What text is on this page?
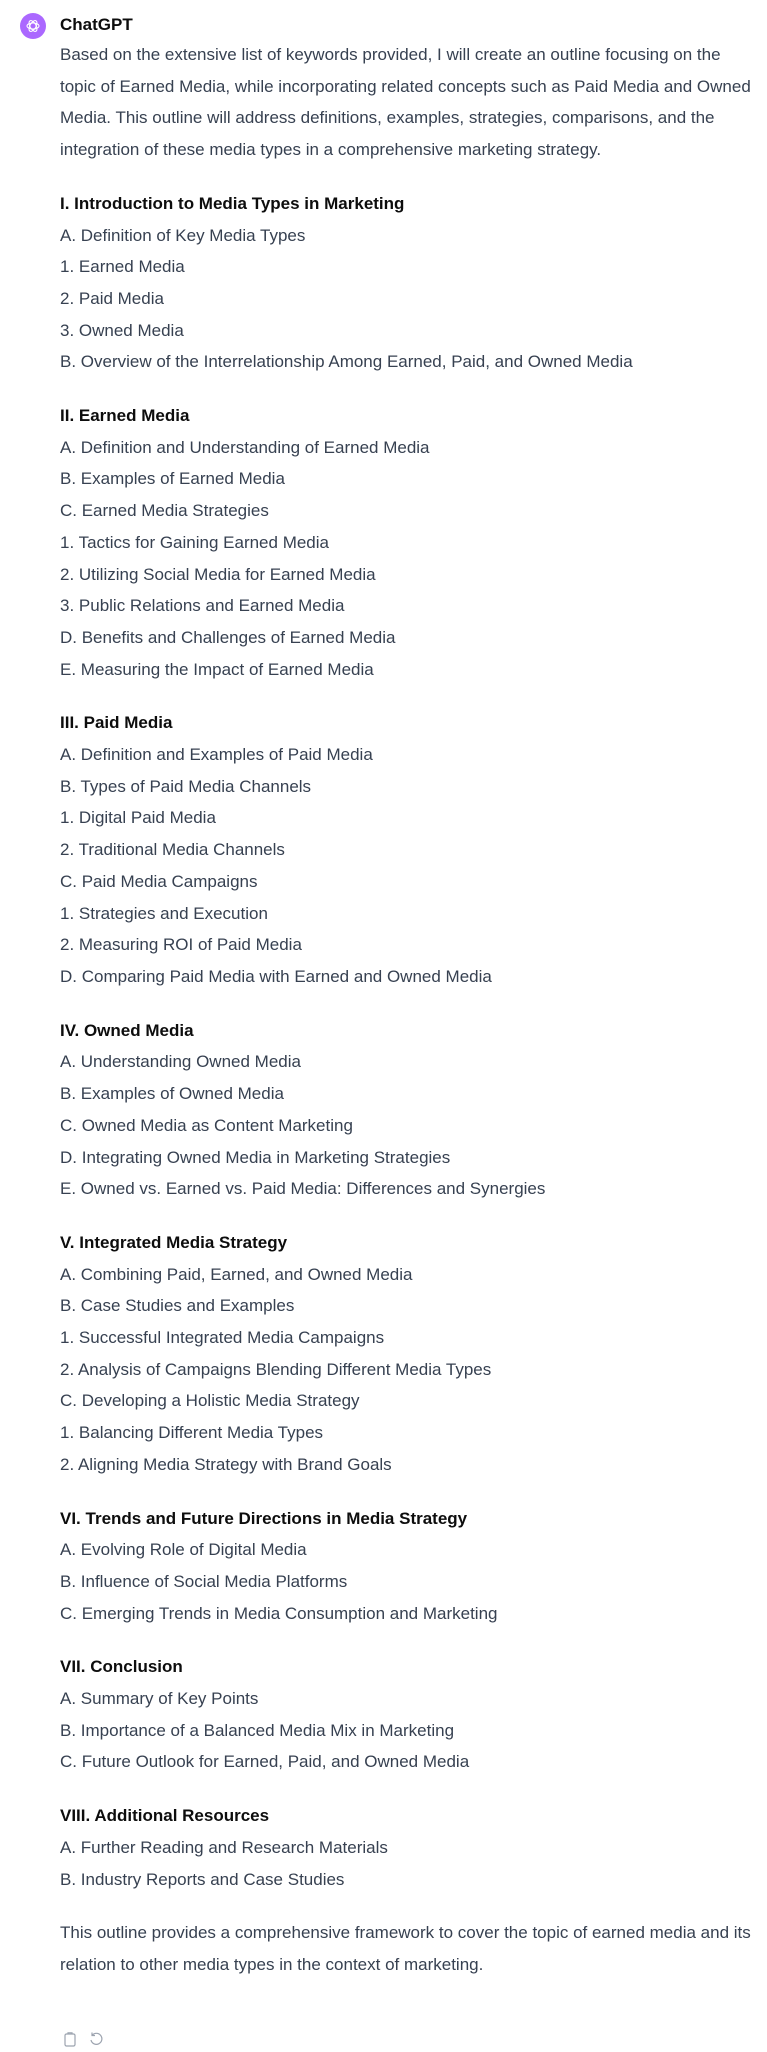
ChatGPT

Based on the extensive list of keywords provided, I will create an outline focusing on the topic of Earned Media, while incorporating related concepts such as Paid Media and Owned Media. This outline will address definitions, examples, strategies, comparisons, and the integration of these media types in a comprehensive marketing strategy.

I. Introduction to Media Types in Marketing
A. Definition of Key Media Types
1. Earned Media
2. Paid Media
3. Owned Media
B. Overview of the Interrelationship Among Earned, Paid, and Owned Media
II. Earned Media
A. Definition and Understanding of Earned Media
B. Examples of Earned Media
C. Earned Media Strategies
1. Tactics for Gaining Earned Media
2. Utilizing Social Media for Earned Media
3. Public Relations and Earned Media
D. Benefits and Challenges of Earned Media
E. Measuring the Impact of Earned Media
III. Paid Media
A. Definition and Examples of Paid Media
B. Types of Paid Media Channels
1. Digital Paid Media
2. Traditional Media Channels
C. Paid Media Campaigns
1. Strategies and Execution
2. Measuring ROI of Paid Media
D. Comparing Paid Media with Earned and Owned Media
IV. Owned Media
A. Understanding Owned Media
B. Examples of Owned Media
C. Owned Media as Content Marketing
D. Integrating Owned Media in Marketing Strategies
E. Owned vs. Earned vs. Paid Media: Differences and Synergies
V. Integrated Media Strategy
A. Combining Paid, Earned, and Owned Media
B. Case Studies and Examples
1. Successful Integrated Media Campaigns
2. Analysis of Campaigns Blending Different Media Types
C. Developing a Holistic Media Strategy
1. Balancing Different Media Types
2. Aligning Media Strategy with Brand Goals
VI. Trends and Future Directions in Media Strategy
A. Evolving Role of Digital Media
B. Influence of Social Media Platforms
C. Emerging Trends in Media Consumption and Marketing
VII. Conclusion
A. Summary of Key Points
B. Importance of a Balanced Media Mix in Marketing
C. Future Outlook for Earned, Paid, and Owned Media
VIII. Additional Resources
A. Further Reading and Research Materials
B. Industry Reports and Case Studies

This outline provides a comprehensive framework to cover the topic of earned media and its relation to other media types in the context of marketing.
